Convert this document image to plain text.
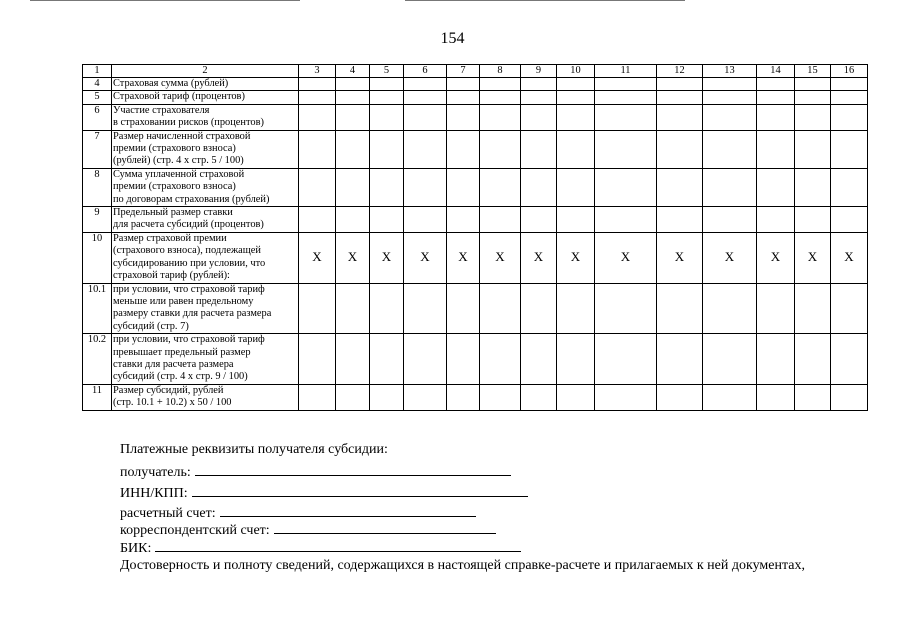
154
1	2	3	4	5	6	7	8	9	10	11	12	13	14	15	16
4	Страховая сумма (рублей)														

5	Страховой тариф (процентов)														

6	Участие страхователя
в страховании рисков (процентов)														

7	Размер начисленной страховой
премии (страхового взноса)
(рублей) (стр. 4 х стр. 5 / 100)														

8	Сумма уплаченной страховой
премии (страхового взноса)
по договорам страхования (рублей)														

9	Предельный размер ставки
для расчета субсидий (процентов)														

10	Размер страховой премии
(страхового взноса), подлежащей
субсидированию при условии, что
страховой тариф (рублей):	X	X	X	X	X	X	X	X	X	X	X	X	X	X
10.1	при условии, что страховой тариф
меньше или равен предельному
размеру ставки для расчета размера
субсидий (стр. 7)														

10.2	при условии, что страховой тариф
превышает предельный размер
ставки для расчета размера
субсидий (стр. 4 х стр. 9 / 100)														

11	Размер субсидий, рублей
(стр. 10.1 + 10.2) х 50 / 100														

Платежные реквизиты получателя субсидии:
получатель:
ИНН/КПП:
расчетный счет:
корреспондентский счет:
БИК:
Достоверность и полноту сведений, содержащихся в настоящей справке-расчете и прилагаемых к ней документах,
